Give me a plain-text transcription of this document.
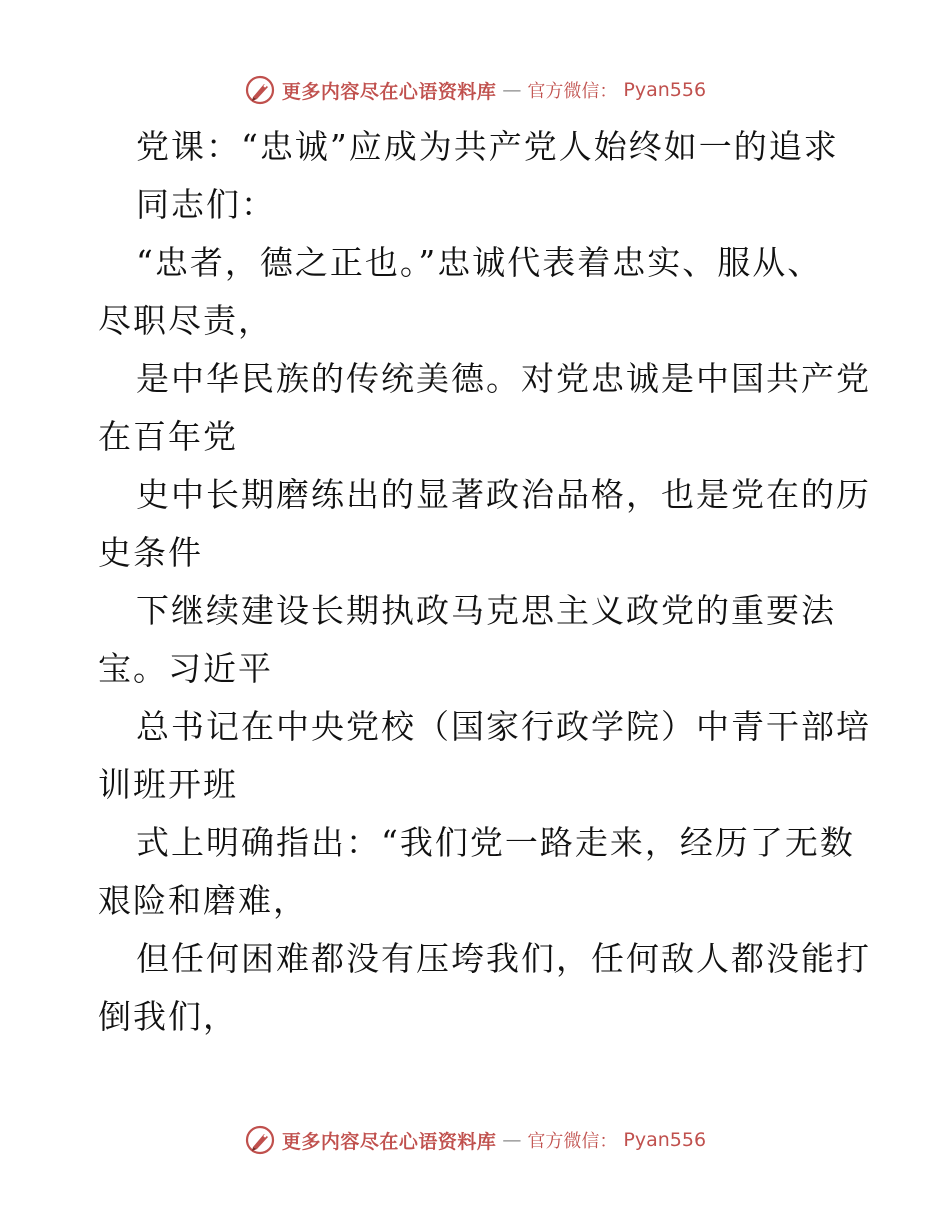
更多内容尽在心语资料库 — 官方微信： Pyan556
党课：“忠诚”应成为共产党人始终如一的追求
同志们：
“忠者，德之正也。”忠诚代表着忠实、服从、
尽职尽责，
是中华民族的传统美德。对党忠诚是中国共产党
在百年党
史中长期磨练出的显著政治品格，也是党在的历
史条件
下继续建设长期执政马克思主义政党的重要法
宝。习近平
总书记在中央党校（国家行政学院）中青干部培
训班开班
式上明确指出：“我们党一路走来，经历了无数
艰险和磨难，
但任何困难都没有压垮我们，任何敌人都没能打
倒我们，
更多内容尽在心语资料库 — 官方微信： Pyan556
